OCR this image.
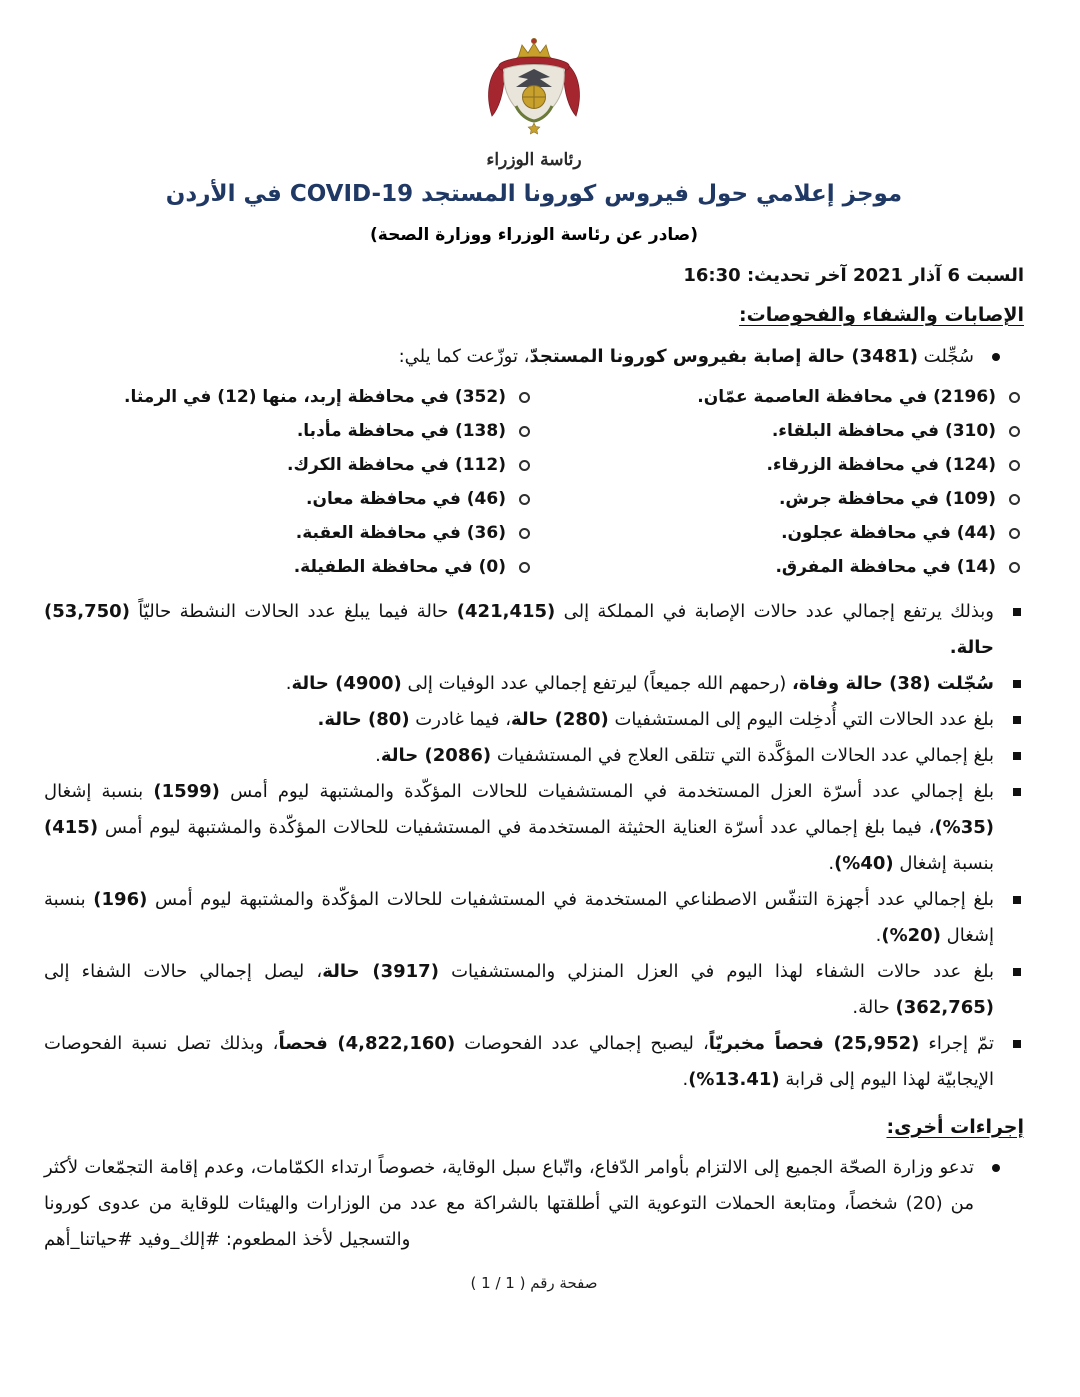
رئاسة الوزراء
موجز إعلامي حول فيروس كورونا المستجد COVID-19 في الأردن
(صادر عن رئاسة الوزراء ووزارة الصحة)
السبت 6 آذار 2021 آخر تحديث: 16:30
الإصابات والشفاء والفحوصات:
سُجِّلت (3481) حالة إصابة بفيروس كورونا المستجدّ، توزّعت كما يلي:
(2196) في محافظة العاصمة عمّان.
(310) في محافظة البلقاء.
(124) في محافظة الزرقاء.
(109) في محافظة جرش.
(44) في محافظة عجلون.
(14) في محافظة المفرق.
(352) في محافظة إربد، منها (12) في الرمثا.
(138) في محافظة مأدبا.
(112) في محافظة الكرك.
(46) في محافظة معان.
(36) في محافظة العقبة.
(0) في محافظة الطفيلة.
وبذلك يرتفع إجمالي عدد حالات الإصابة في المملكة إلى (421,415) حالة فيما يبلغ عدد الحالات النشطة حاليّاً (53,750) حالة.
سُجّلت (38) حالة وفاة، (رحمهم الله جميعاً) ليرتفع إجمالي عدد الوفيات إلى (4900) حالة.
بلغ عدد الحالات التي أُدخِلت اليوم إلى المستشفيات (280) حالة، فيما غادرت (80) حالة.
بلغ إجمالي عدد الحالات المؤكَّدة التي تتلقى العلاج في المستشفيات (2086) حالة.
بلغ إجمالي عدد أسرّة العزل المستخدمة في المستشفيات للحالات المؤكّدة والمشتبهة ليوم أمس (1599) بنسبة إشغال (35%)، فيما بلغ إجمالي عدد أسرّة العناية الحثيثة المستخدمة في المستشفيات للحالات المؤكّدة والمشتبهة ليوم أمس (415) بنسبة إشغال (40%).
بلغ إجمالي عدد أجهزة التنفّس الاصطناعي المستخدمة في المستشفيات للحالات المؤكّدة والمشتبهة ليوم أمس (196) بنسبة إشغال (20%).
بلغ عدد حالات الشفاء لهذا اليوم في العزل المنزلي والمستشفيات (3917) حالة، ليصل إجمالي حالات الشفاء إلى (362,765) حالة.
تمّ إجراء (25,952) فحصاً مخبريّاً، ليصبح إجمالي عدد الفحوصات (4,822,160) فحصاً، وبذلك تصل نسبة الفحوصات الإيجابيّة لهذا اليوم إلى قرابة (13.41%).
إجراءات أخرى:
تدعو وزارة الصحّة الجميع إلى الالتزام بأوامر الدّفاع، واتّباع سبل الوقاية، خصوصاً ارتداء الكمّامات، وعدم إقامة التجمّعات لأكثر من (20) شخصاً، ومتابعة الحملات التوعوية التي أطلقتها بالشراكة مع عدد من الوزارات والهيئات للوقاية من عدوى كورونا والتسجيل لأخذ المطعوم: #إلك_وفيد #حياتنا_أهم
صفحة رقم ( 1 / 1 )
